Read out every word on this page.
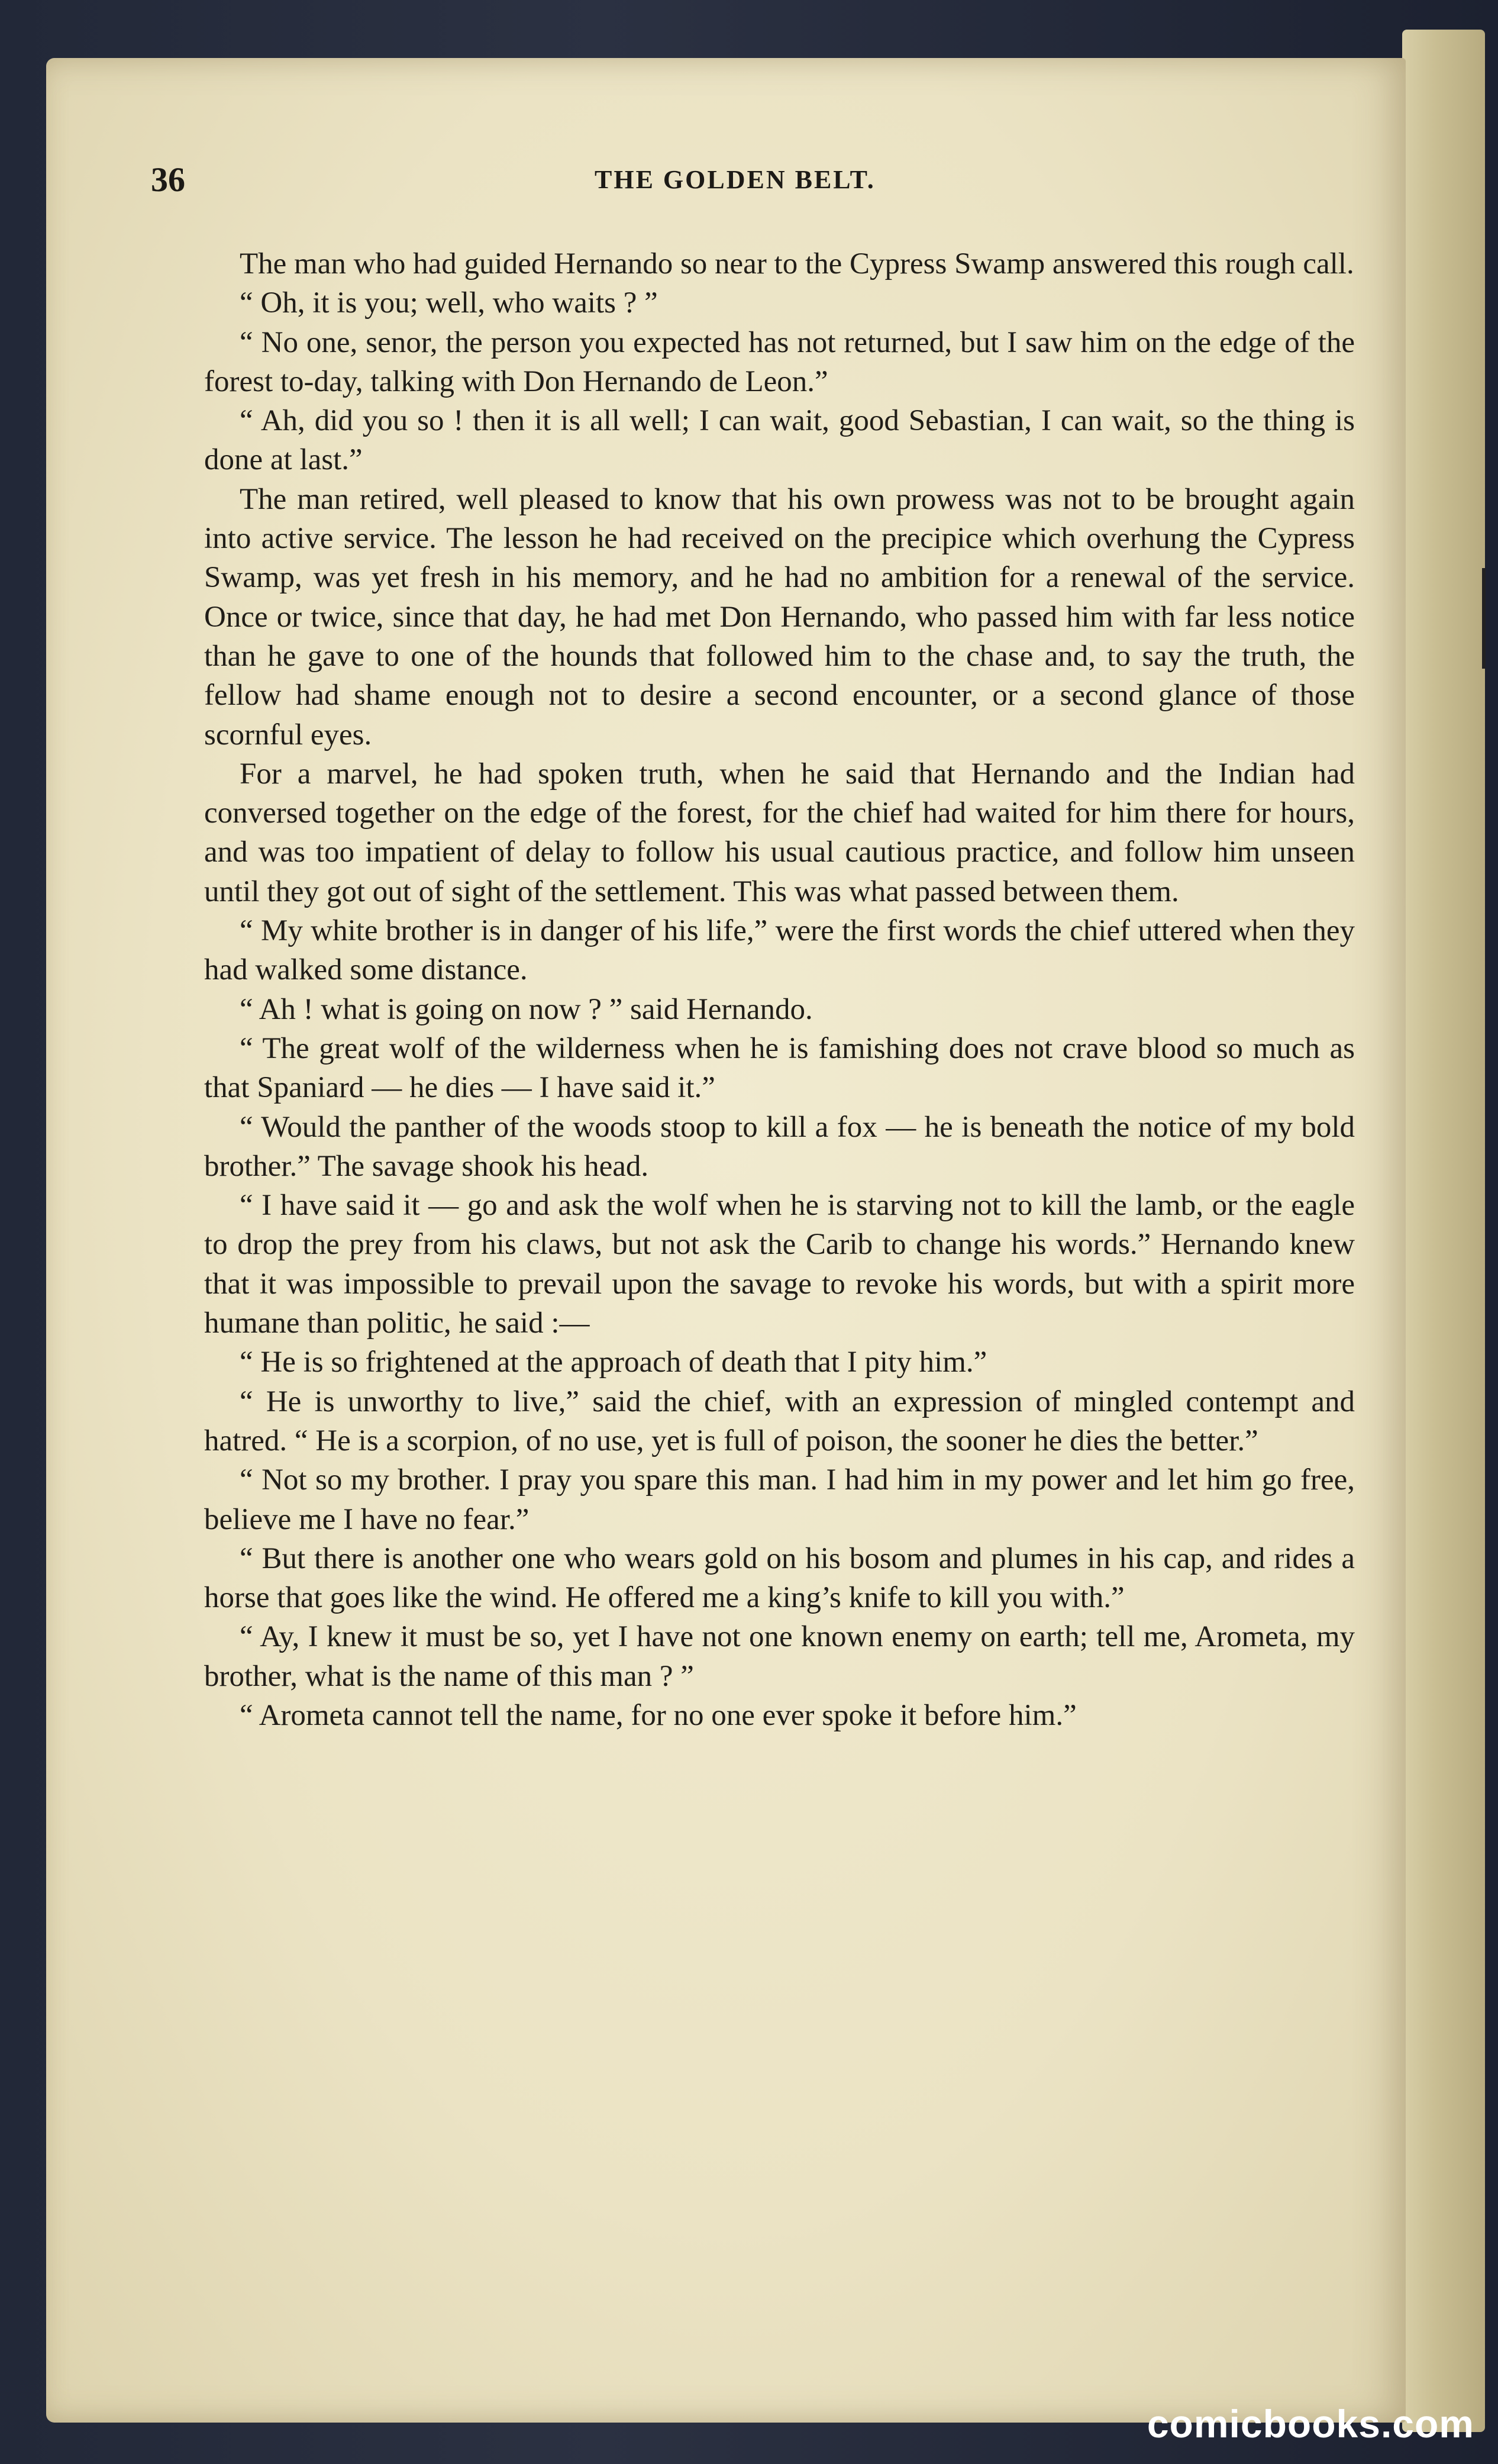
36	THE GOLDEN BELT.

The man who had guided Hernando so near to the Cypress Swamp answered this rough call.

“ Oh, it is you; well, who waits ? ”

“ No one, senor, the person you expected has not returned, but I saw him on the edge of the forest to-day, talking with Don Hernando de Leon.”

“ Ah, did you so ! then it is all well; I can wait, good Sebastian, I can wait, so the thing is done at last.”

The man retired, well pleased to know that his own prowess was not to be brought again into active service. The lesson he had received on the precipice which overhung the Cypress Swamp, was yet fresh in his memory, and he had no ambition for a renewal of the service. Once or twice, since that day, he had met Don Hernando, who passed him with far less notice than he gave to one of the hounds that followed him to the chase and, to say the truth, the fellow had shame enough not to desire a second encounter, or a second glance of those scornful eyes.

For a marvel, he had spoken truth, when he said that Hernando and the Indian had conversed together on the edge of the forest, for the chief had waited for him there for hours, and was too impatient of delay to follow his usual cautious practice, and follow him unseen until they got out of sight of the settlement. This was what passed between them.

“ My white brother is in danger of his life,” were the first words the chief uttered when they had walked some distance.

“ Ah ! what is going on now ? ” said Hernando.

“ The great wolf of the wilderness when he is famishing does not crave blood so much as that Spaniard — he dies — I have said it.”

“ Would the panther of the woods stoop to kill a fox — he is beneath the notice of my bold brother.” The savage shook his head.

“ I have said it — go and ask the wolf when he is starving not to kill the lamb, or the eagle to drop the prey from his claws, but not ask the Carib to change his words.” Hernando knew that it was impossible to prevail upon the savage to revoke his words, but with a spirit more humane than politic, he said :—

“ He is so frightened at the approach of death that I pity him.”

“ He is unworthy to live,” said the chief, with an expression of mingled contempt and hatred. “ He is a scorpion, of no use, yet is full of poison, the sooner he dies the better.”

“ Not so my brother. I pray you spare this man. I had him in my power and let him go free, believe me I have no fear.”

“ But there is another one who wears gold on his bosom and plumes in his cap, and rides a horse that goes like the wind. He offered me a king’s knife to kill you with.”

“ Ay, I knew it must be so, yet I have not one known enemy on earth; tell me, Arometa, my brother, what is the name of this man ? ”

“ Arometa cannot tell the name, for no one ever spoke it before him.”

comicbooks.com
